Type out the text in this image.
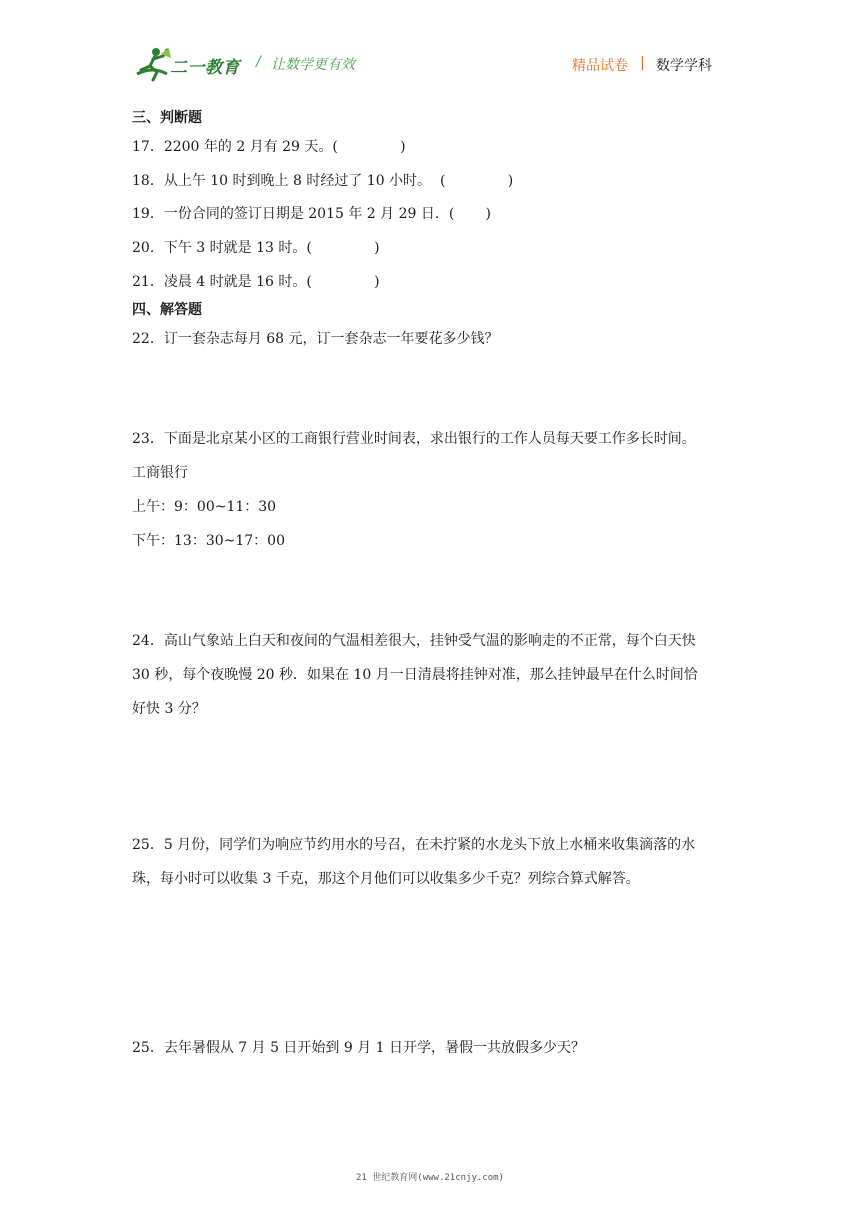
二一教育 / 让数学更有效	精品试卷 | 数学学科
三、判断题
17．2200 年的 2 月有 29 天。(              )
18．从上午 10 时到晚上 8 时经过了 10 小时。  (              )
19．一份合同的签订日期是 2015 年 2 月 29 日．(       )
20．下午 3 时就是 13 时。(              )
21．凌晨 4 时就是 16 时。(              )
四、解答题
22．订一套杂志每月 68 元，订一套杂志一年要花多少钱？
23．下面是北京某小区的工商银行营业时间表，求出银行的工作人员每天要工作多长时间。
工商银行
上午：9：00~11：30
下午：13：30~17：00
24．高山气象站上白天和夜间的气温相差很大，挂钟受气温的影响走的不正常，每个白天快
30 秒，每个夜晚慢 20 秒．如果在 10 月一日清晨将挂钟对准，那么挂钟最早在什么时间恰
好快 3 分？
25．5 月份，同学们为响应节约用水的号召，在未拧紧的水龙头下放上水桶来收集滴落的水
珠，每小时可以收集 3 千克，那这个月他们可以收集多少千克？列综合算式解答。
25．去年暑假从 7 月 5 日开始到 9 月 1 日开学，暑假一共放假多少天？
21 世纪教育网(www.21cnjy.com)
